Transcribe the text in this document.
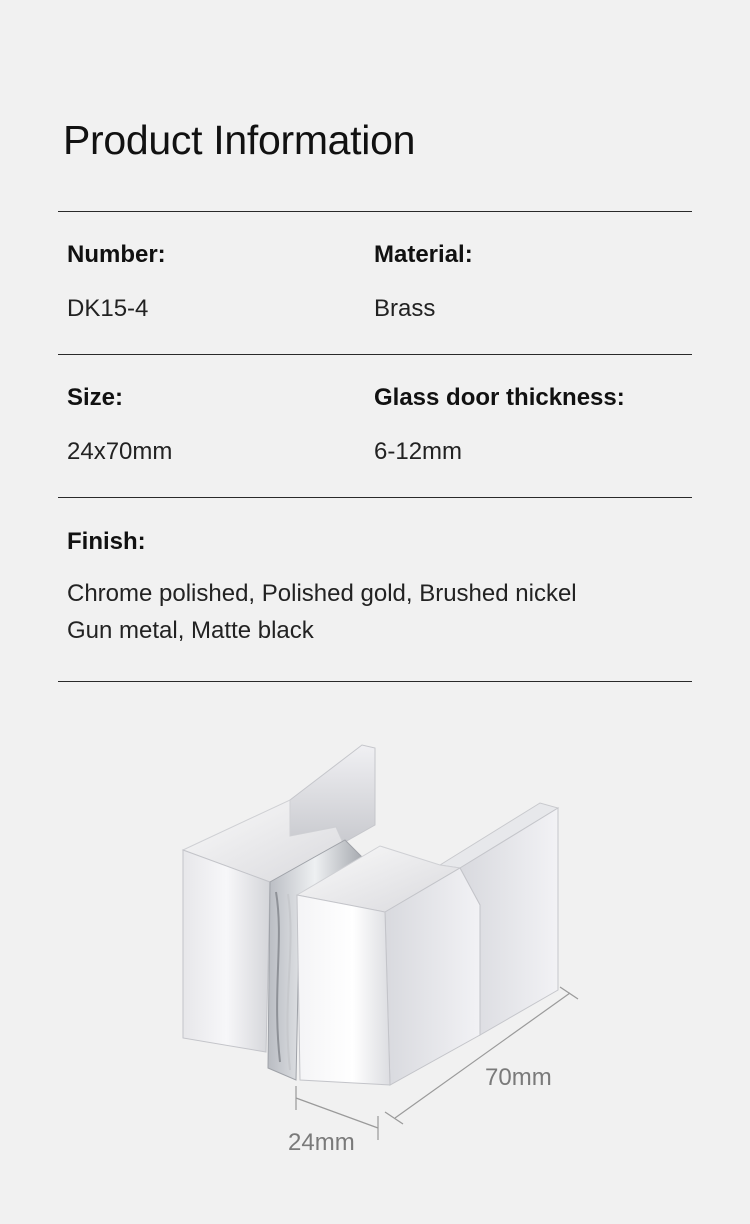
Product Information
Number:
DK15-4
Material:
Brass
Size:
24x70mm
Glass door thickness:
6-12mm
Finish:
Chrome polished, Polished gold, Brushed nickel
Gun metal, Matte black
70mm
24mm
